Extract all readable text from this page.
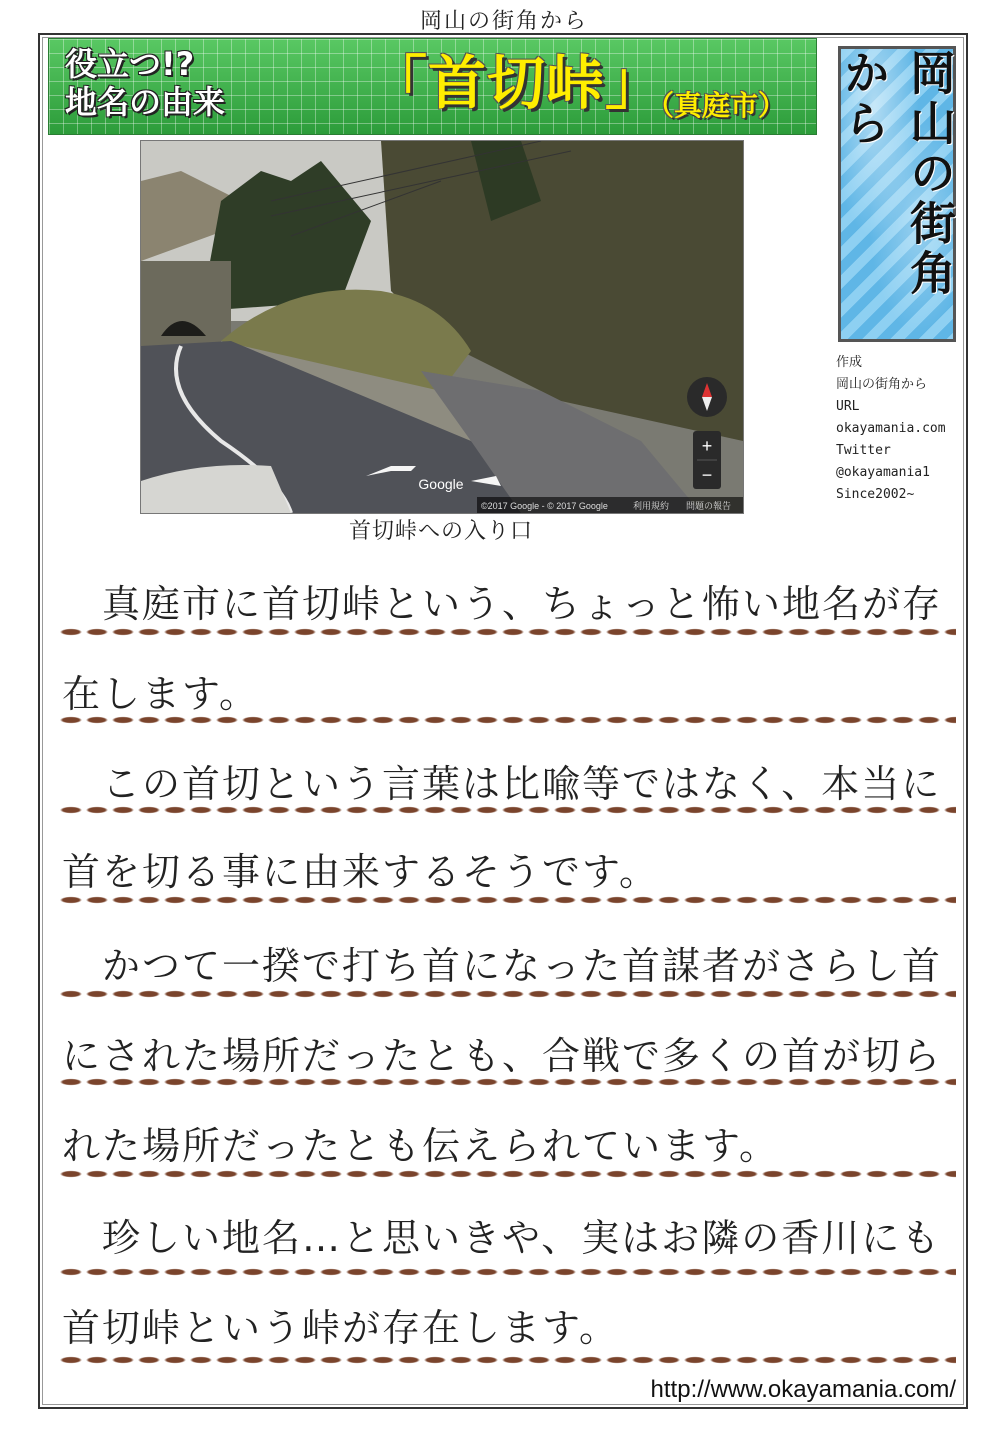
岡山の街角から
役立つ!?
地名の由来 「首切峠」
（真庭市）	岡山の街角から
作成
岡山の街角から
URL
okayamania.com
Twitter
@okayamania1
Since2002~
+
−
Google
©2017 Google - © 2017 Google	利用規約 問題の報告
首切峠への入り口
　真庭市に首切峠という、ちょっと怖い地名が存
在します。
　この首切という言葉は比喩等ではなく、本当に
首を切る事に由来するそうです。
　かつて一揆で打ち首になった首謀者がさらし首
にされた場所だったとも、合戦で多くの首が切ら
れた場所だったとも伝えられています。
　珍しい地名…と思いきや、実はお隣の香川にも
首切峠という峠が存在します。
http://www.okayamania.com/
